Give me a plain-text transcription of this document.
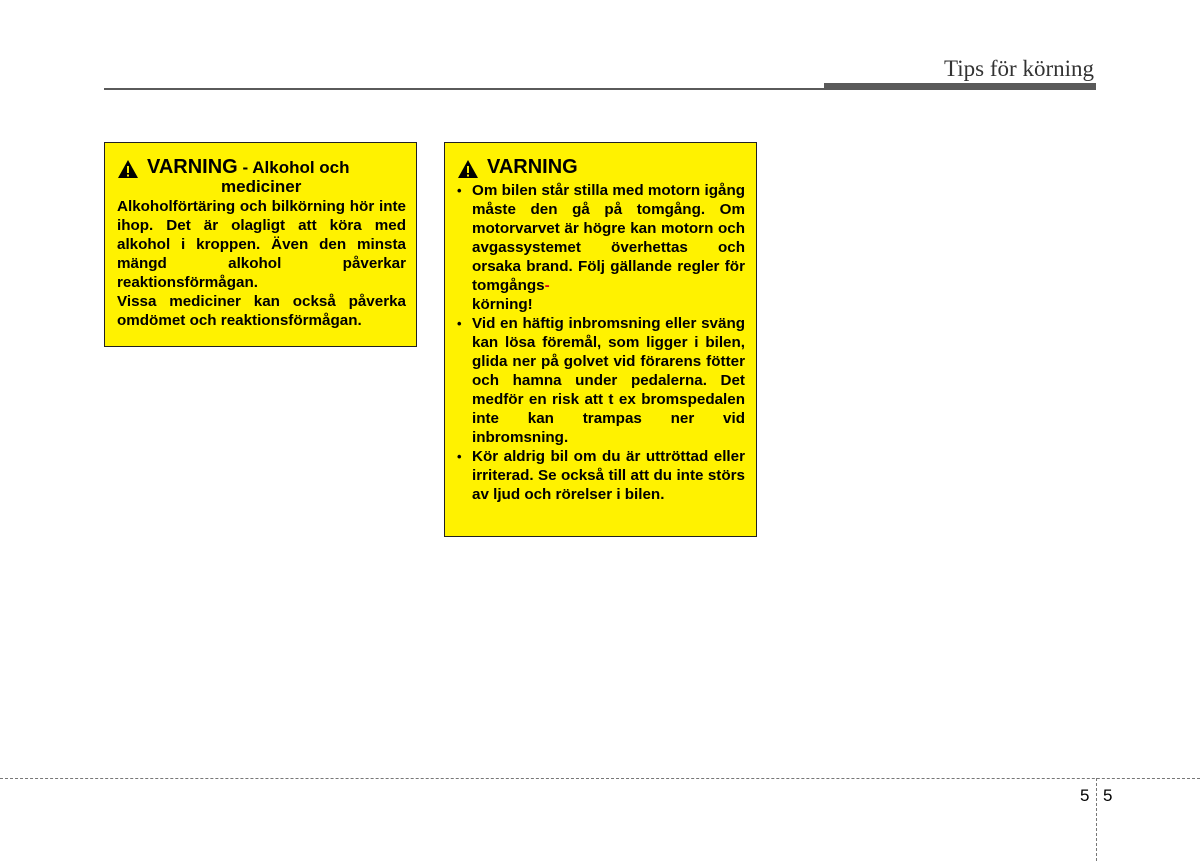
Tips för körning
VARNING - Alkohol och
mediciner

Alkoholförtäring och bilkörning hör inte ihop. Det är olagligt att köra med alkohol i kroppen. Även den minsta mängd alkohol påverkar reaktionsförmågan.

Vissa mediciner kan också påverka omdömet och reaktionsförmågan.

VARNING
• Om bilen står stilla med motorn igång måste den gå på tomgång. Om motorvarvet är högre kan motorn och avgassystemet överhettas och orsaka brand. Följ gällande regler för tomgångs-
körning!
• Vid en häftig inbromsning eller sväng kan lösa föremål, som ligger i bilen, glida ner på golvet vid förarens fötter och hamna under pedalerna. Det medför en risk att t ex bromspedalen inte kan trampas ner vid inbromsning.
• Kör aldrig bil om du är uttröttad eller irriterad. Se också till att du inte störs av ljud och rörelser i bilen.
5 5
